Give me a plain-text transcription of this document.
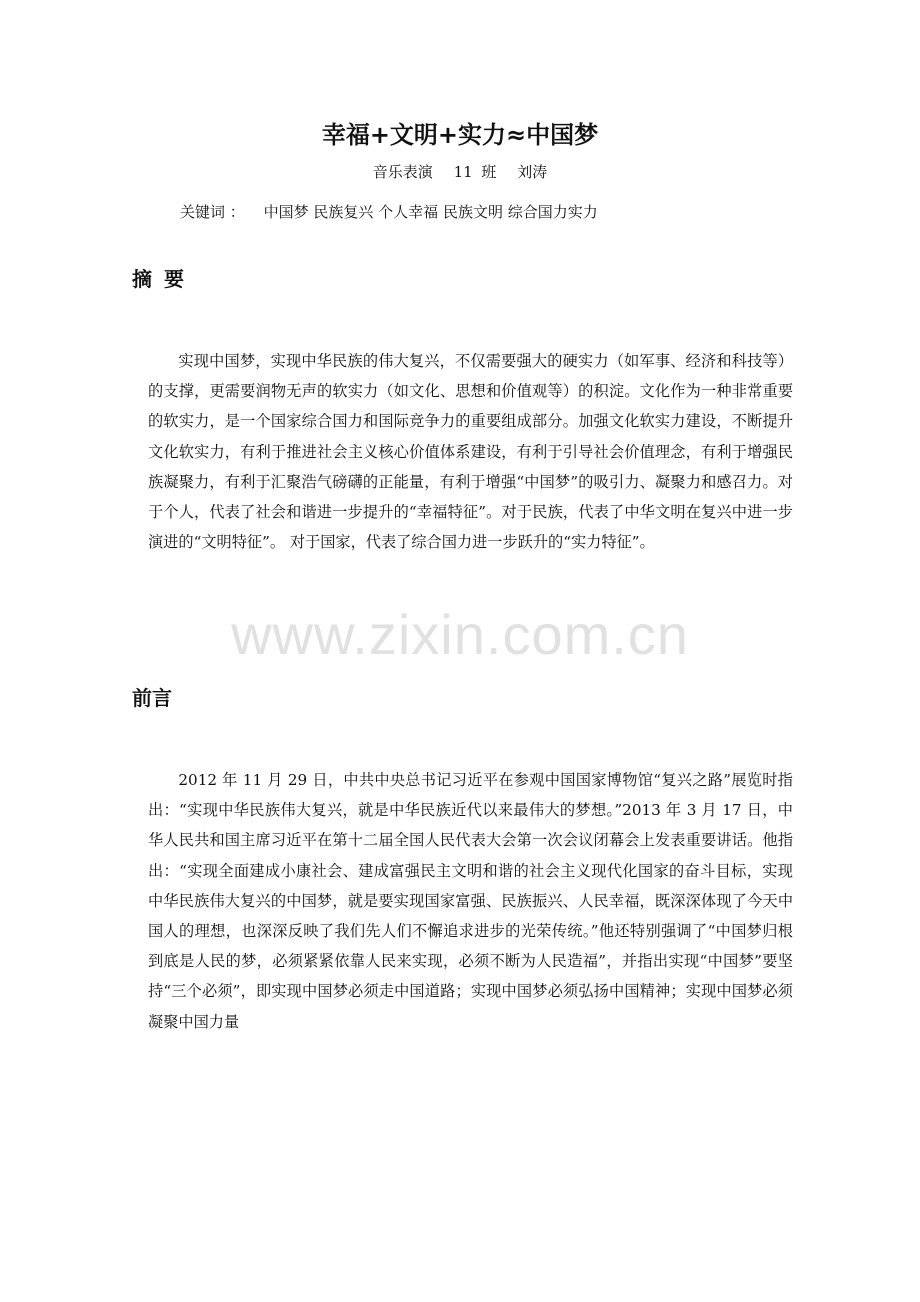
幸福+文明+实力≈中国梦
音乐表演 11 班 刘涛
关键词 ： 中国梦 民族复兴 个人幸福 民族文明 综合国力实力
摘要

实现中国梦，实现中华民族的伟大复兴，不仅需要强大的硬实力（如军事、经济和科技等）的支撑，更需要润物无声的软实力（如文化、思想和价值观等）的积淀。文化作为一种非常重要的软实力，是一个国家综合国力和国际竞争力的重要组成部分。加强文化软实力建设，不断提升文化软实力，有利于推进社会主义核心价值体系建设，有利于引导社会价值理念，有利于增强民族凝聚力，有利于汇聚浩气磅礴的正能量，有利于增强“中国梦”的吸引力、凝聚力和感召力。对于个人，代表了社会和谐进一步提升的“幸福特征”。对于民族，代表了中华文明在复兴中进一步演进的“文明特征”。 对于国家，代表了综合国力进一步跃升的“实力特征”。

前言

2012 年 11 月 29 日，中共中央总书记习近平在参观中国国家博物馆“复兴之路”展览时指出：“实现中华民族伟大复兴，就是中华民族近代以来最伟大的梦想。”2013 年 3 月 17 日，中华人民共和国主席习近平在第十二届全国人民代表大会第一次会议闭幕会上发表重要讲话。他指出：“实现全面建成小康社会、建成富强民主文明和谐的社会主义现代化国家的奋斗目标，实现中华民族伟大复兴的中国梦，就是要实现国家富强、民族振兴、人民幸福，既深深体现了今天中国人的理想，也深深反映了我们先人们不懈追求进步的光荣传统。”他还特别强调了“中国梦归根到底是人民的梦，必须紧紧依靠人民来实现，必须不断为人民造福”，并指出实现“中国梦”要坚持“三个必须”，即实现中国梦必须走中国道路；实现中国梦必须弘扬中国精神；实现中国梦必须凝聚中国力量

www.zixin.com.cn
